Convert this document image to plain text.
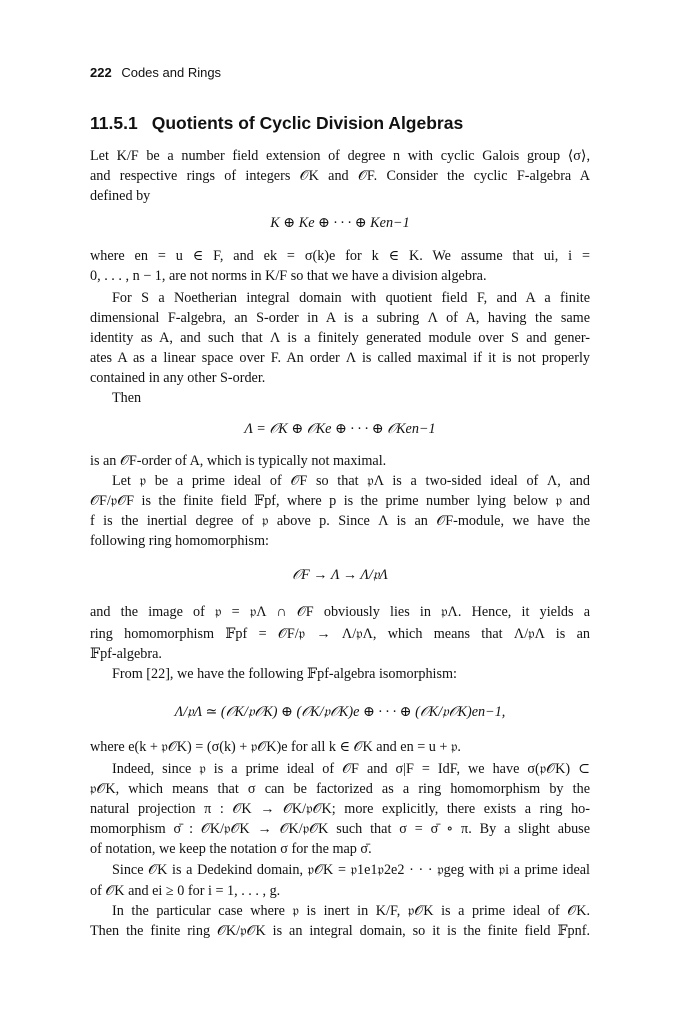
222 Codes and Rings
11.5.1 Quotients of Cyclic Division Algebras
Let K/F be a number field extension of degree n with cyclic Galois group ⟨σ⟩,
and respective rings of integers 𝒪K and 𝒪F. Consider the cyclic F-algebra A
defined by
K ⊕ Ke ⊕ · · · ⊕ Ken−1
where en = u ∈ F, and ek = σ(k)e for k ∈ K. We assume that ui, i =
0, . . . , n − 1, are not norms in K/F so that we have a division algebra.
For S a Noetherian integral domain with quotient field F, and A a finite
dimensional F-algebra, an S-order in A is a subring Λ of A, having the same
identity as A, and such that Λ is a finitely generated module over S and gener-
ates A as a linear space over F. An order Λ is called maximal if it is not properly
contained in any other S-order.
Then
Λ = 𝒪K ⊕ 𝒪Ke ⊕ · · · ⊕ 𝒪Ken−1
is an 𝒪F-order of A, which is typically not maximal.
Let 𝔭 be a prime ideal of 𝒪F so that 𝔭Λ is a two-sided ideal of Λ, and
𝒪F/𝔭𝒪F is the finite field 𝔽pf, where p is the prime number lying below 𝔭 and
f is the inertial degree of 𝔭 above p. Since Λ is an 𝒪F-module, we have the
following ring homomorphism:
𝒪F → Λ → Λ/𝔭Λ
and the image of 𝔭 = 𝔭Λ ∩ 𝒪F obviously lies in 𝔭Λ. Hence, it yields a
ring homomorphism 𝔽pf = 𝒪F/𝔭 → Λ/𝔭Λ, which means that Λ/𝔭Λ is an
𝔽pf-algebra.
From [22], we have the following 𝔽pf-algebra isomorphism:
Λ/𝔭Λ ≃ (𝒪K/𝔭𝒪K) ⊕ (𝒪K/𝔭𝒪K)e ⊕ · · · ⊕ (𝒪K/𝔭𝒪K)en−1,
where e(k + 𝔭𝒪K) = (σ(k) + 𝔭𝒪K)e for all k ∈ 𝒪K and en = u + 𝔭.
Indeed, since 𝔭 is a prime ideal of 𝒪F and σ|F = IdF, we have σ(𝔭𝒪K) ⊂
𝔭𝒪K, which means that σ can be factorized as a ring homomorphism by the
natural projection π : 𝒪K → 𝒪K/𝔭𝒪K; more explicitly, there exists a ring ho-
momorphism σ̄ : 𝒪K/𝔭𝒪K → 𝒪K/𝔭𝒪K such that σ = σ̄ ∘ π. By a slight abuse
of notation, we keep the notation σ for the map σ̄.
Since 𝒪K is a Dedekind domain, 𝔭𝒪K = 𝔭1e1𝔭2e2 · · · 𝔭geg with 𝔭i a prime ideal
of 𝒪K and ei ≥ 0 for i = 1, . . . , g.
In the particular case where 𝔭 is inert in K/F, 𝔭𝒪K is a prime ideal of 𝒪K.
Then the finite ring 𝒪K/𝔭𝒪K is an integral domain, so it is the finite field 𝔽pnf.
